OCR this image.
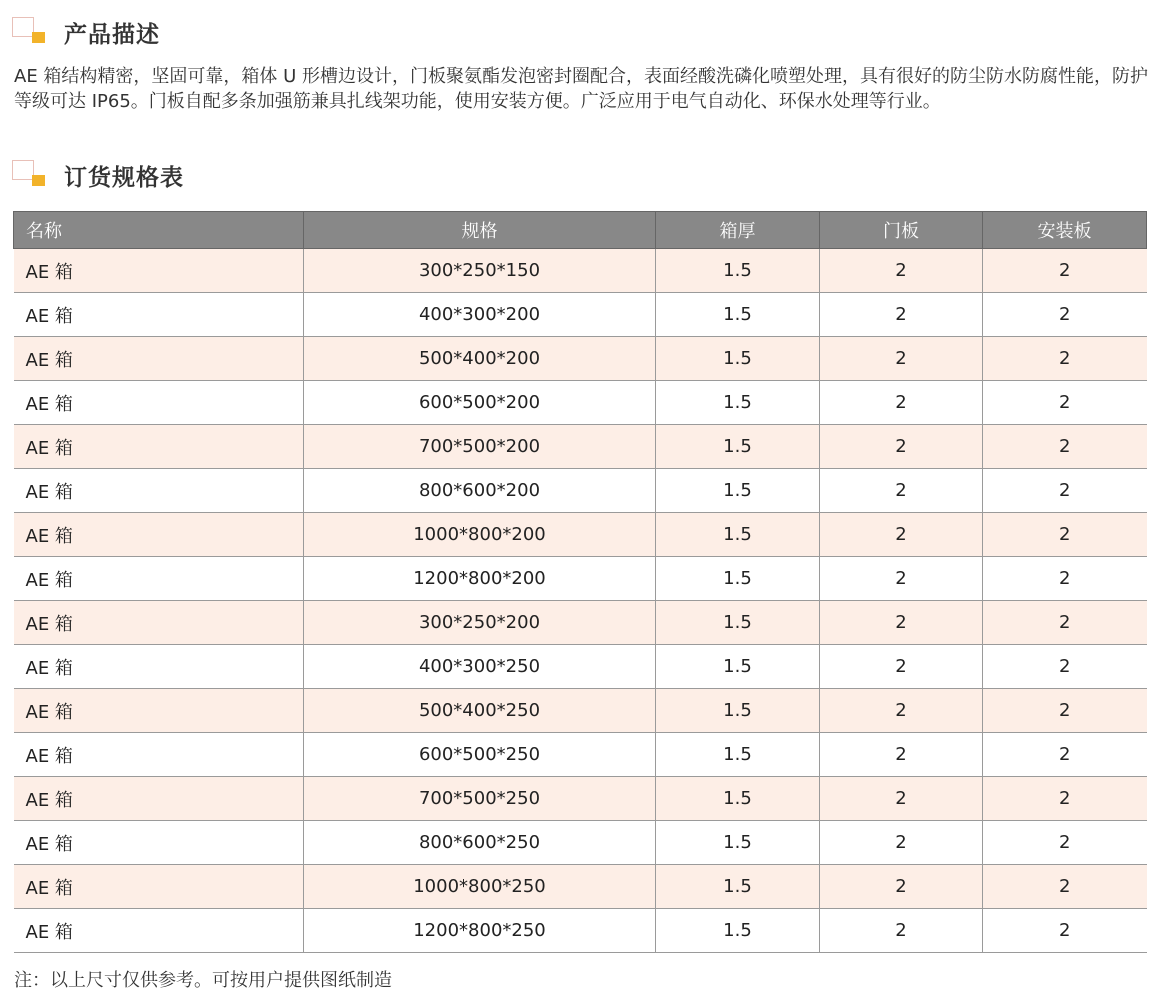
产品描述

AE 箱结构精密，坚固可靠，箱体 U 形槽边设计，门板聚氨酯发泡密封圈配合，表面经酸洗磷化喷塑处理，具有很好的防尘防水防腐性能，防护等级可达 IP65。门板自配多条加强筋兼具扎线架功能，使用安装方便。广泛应用于电气自动化、环保水处理等行业。

订货规格表
名称	规格	箱厚	门板	安装板
AE 箱	300*250*150	1.5	2	2
AE 箱	400*300*200	1.5	2	2
AE 箱	500*400*200	1.5	2	2
AE 箱	600*500*200	1.5	2	2
AE 箱	700*500*200	1.5	2	2
AE 箱	800*600*200	1.5	2	2
AE 箱	1000*800*200	1.5	2	2
AE 箱	1200*800*200	1.5	2	2
AE 箱	300*250*200	1.5	2	2
AE 箱	400*300*250	1.5	2	2
AE 箱	500*400*250	1.5	2	2
AE 箱	600*500*250	1.5	2	2
AE 箱	700*500*250	1.5	2	2
AE 箱	800*600*250	1.5	2	2
AE 箱	1000*800*250	1.5	2	2
AE 箱	1200*800*250	1.5	2	2
注：以上尺寸仅供参考。可按用户提供图纸制造
